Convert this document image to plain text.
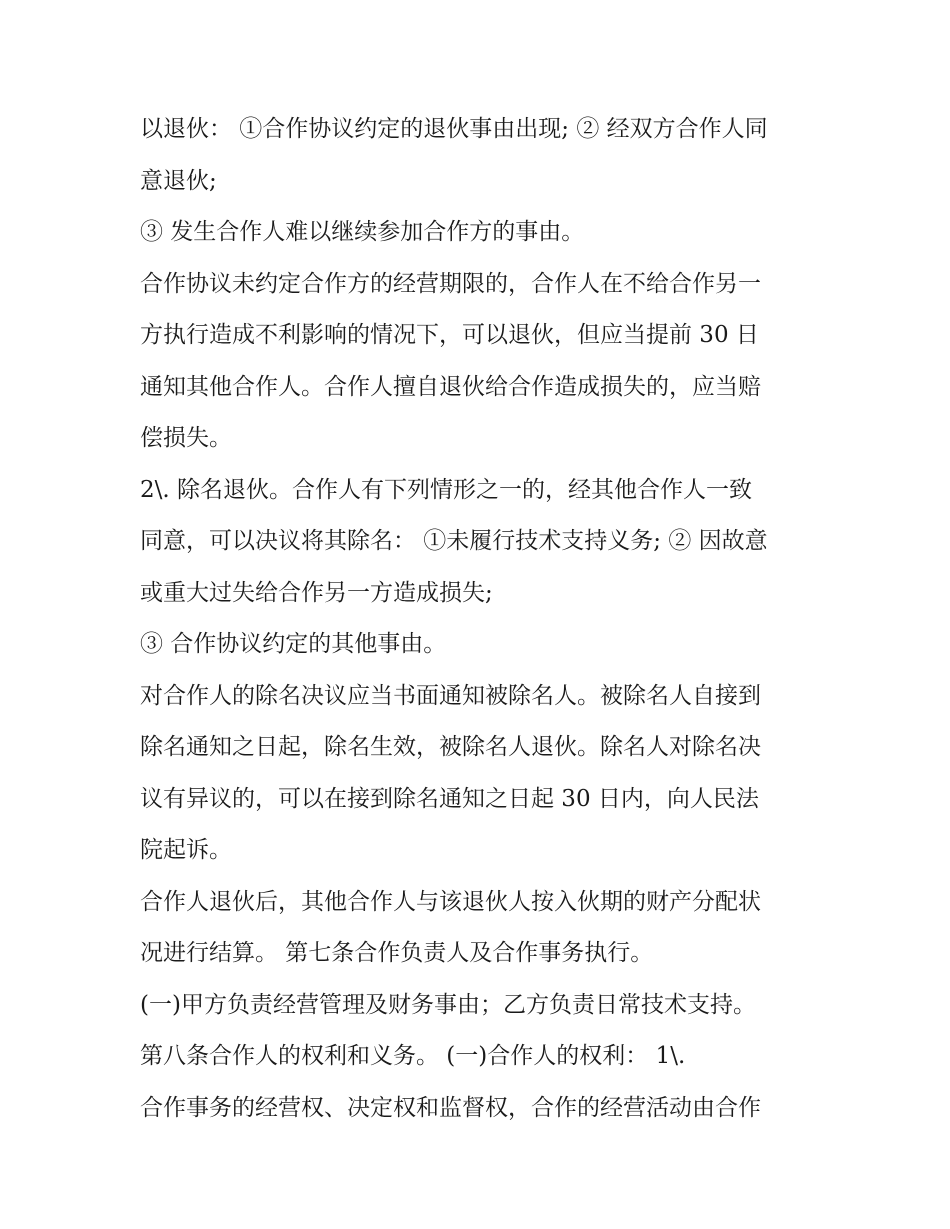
以退伙： ①合作协议约定的退伙事由出现; ② 经双方合作人同
意退伙;
③ 发生合作人难以继续参加合作方的事由。
合作协议未约定合作方的经营期限的，合作人在不给合作另一
方执行造成不利影响的情况下，可以退伙，但应当提前 30 日
通知其他合作人。合作人擅自退伙给合作造成损失的，应当赔
偿损失。
2\. 除名退伙。合作人有下列情形之一的，经其他合作人一致
同意，可以决议将其除名： ①未履行技术支持义务; ② 因故意
或重大过失给合作另一方造成损失;
③ 合作协议约定的其他事由。
对合作人的除名决议应当书面通知被除名人。被除名人自接到
除名通知之日起，除名生效，被除名人退伙。除名人对除名决
议有异议的，可以在接到除名通知之日起 30 日内，向人民法
院起诉。
合作人退伙后，其他合作人与该退伙人按入伙期的财产分配状
况进行结算。 第七条合作负责人及合作事务执行。
(一)甲方负责经营管理及财务事由；乙方负责日常技术支持。
第八条合作人的权利和义务。 (一)合作人的权利： 1\.
合作事务的经营权、决定权和监督权，合作的经营活动由合作
